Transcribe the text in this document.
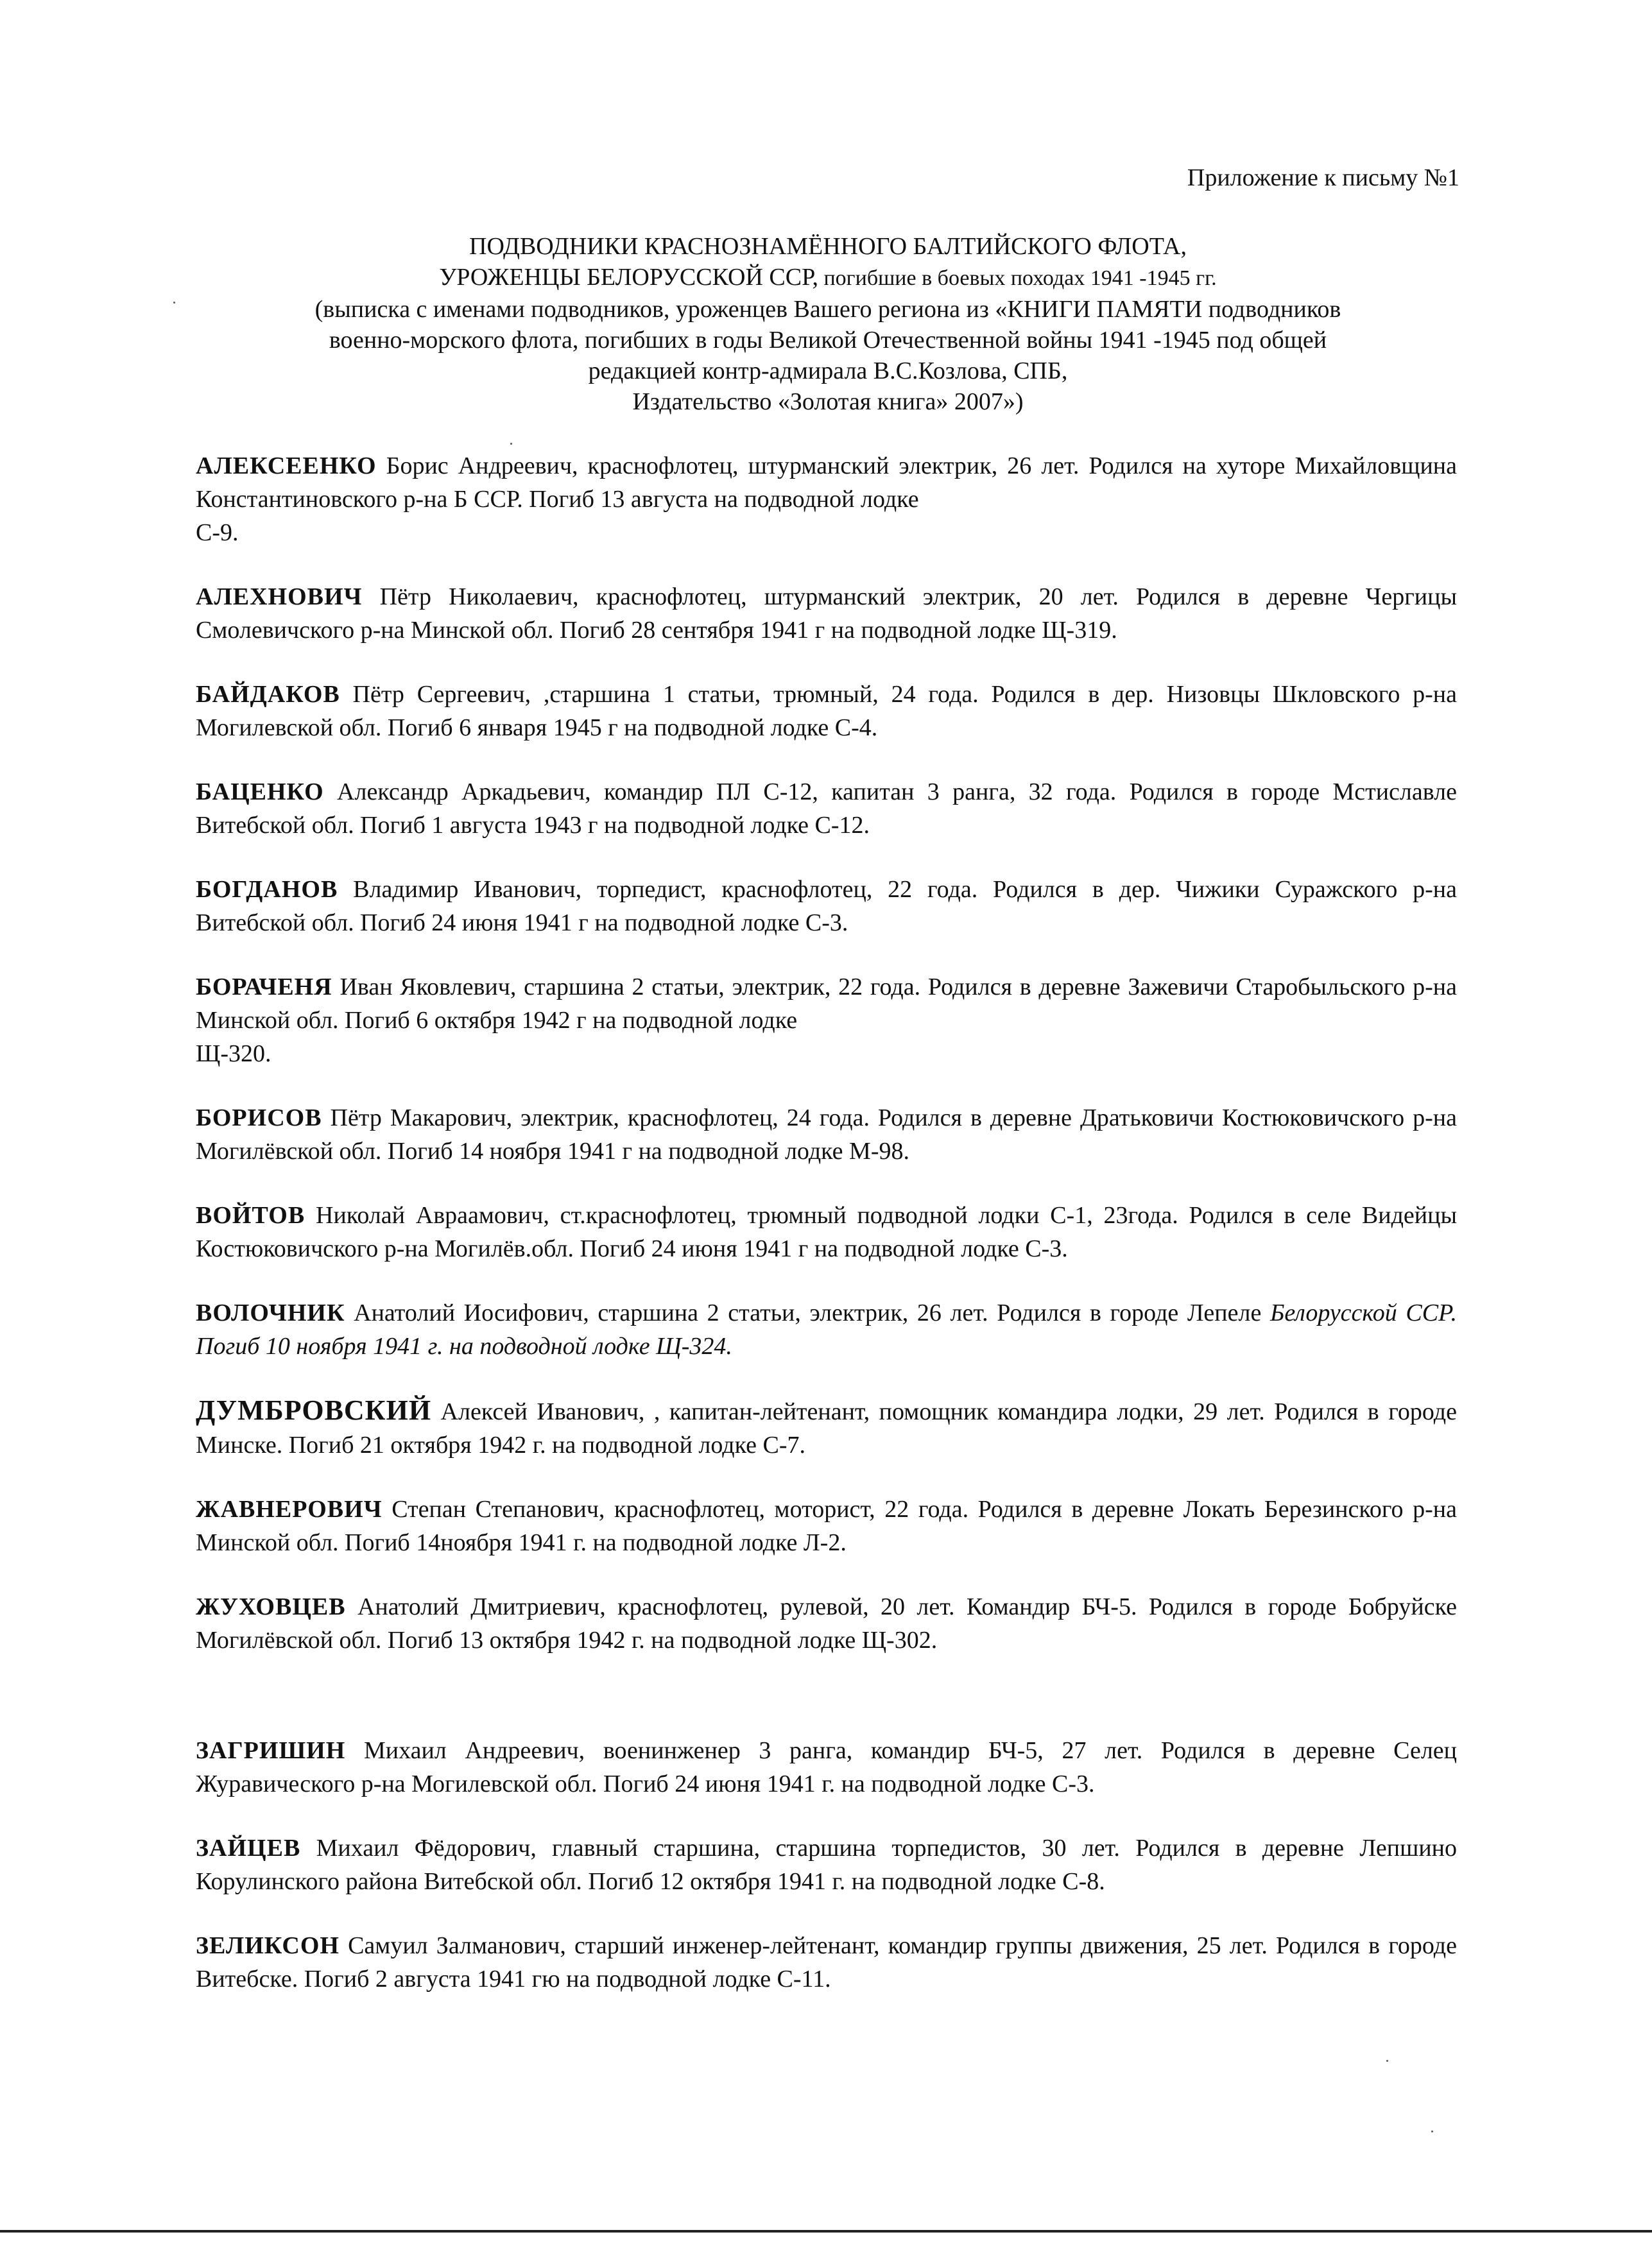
Приложение к письму №1
ПОДВОДНИКИ КРАСНОЗНАМЁННОГО БАЛТИЙСКОГО ФЛОТА,
УРОЖЕНЦЫ БЕЛОРУССКОЙ ССР, погибшие в боевых походах 1941 -1945 гг.
(выписка с именами подводников, уроженцев Вашего региона из «КНИГИ ПАМЯТИ подводников
военно-морского флота, погибших в годы Великой Отечественной войны 1941 -1945 под общей
редакцией контр-адмирала В.С.Козлова, СПБ,
Издательство «Золотая книга» 2007»)
АЛЕКСЕЕНКО Борис Андреевич, краснофлотец, штурманский электрик, 26 лет. Родился на хуторе Михайловщина Константиновского р-на Б ССР. Погиб 13 августа на подводной лодке
С-9.
АЛЕХНОВИЧ Пётр Николаевич, краснофлотец, штурманский электрик, 20 лет. Родился в деревне Чергицы Смолевичского р-на Минской обл. Погиб 28 сентября 1941 г на подводной лодке Щ-319.
БАЙДАКОВ Пётр Сергеевич, ,старшина 1 статьи, трюмный, 24 года. Родился в дер. Низовцы Шкловского р-на Могилевской обл. Погиб 6 января 1945 г на подводной лодке С-4.
БАЦЕНКО Александр Аркадьевич, командир ПЛ С-12, капитан 3 ранга, 32 года. Родился в городе Мстиславле Витебской обл. Погиб 1 августа 1943 г на подводной лодке С-12.
БОГДАНОВ Владимир Иванович, торпедист, краснофлотец, 22 года. Родился в дер. Чижики Суражского р-на Витебской обл. Погиб 24 июня 1941 г на подводной лодке С-3.
БОРАЧЕНЯ Иван Яковлевич, старшина 2 статьи, электрик, 22 года. Родился в деревне Зажевичи Старобыльского р-на Минской обл. Погиб 6 октября 1942 г на подводной лодке
Щ-320.
БОРИСОВ Пётр Макарович, электрик, краснофлотец, 24 года. Родился в деревне Дратьковичи Костюковичского р-на Могилёвской обл. Погиб 14 ноября 1941 г на подводной лодке М-98.
ВОЙТОВ Николай Авраамович, ст.краснофлотец, трюмный подводной лодки С-1, 23года. Родился в селе Видейцы Костюковичского р-на Могилёв.обл. Погиб 24 июня 1941 г на подводной лодке С-3.
ВОЛОЧНИК Анатолий Иосифович, старшина 2 статьи, электрик, 26 лет. Родился в городе Лепеле Белорусской ССР. Погиб 10 ноября 1941 г. на подводной лодке Щ-324.
ДУМБРОВСКИЙ Алексей Иванович, , капитан-лейтенант, помощник командира лодки, 29 лет. Родился в городе Минске. Погиб 21 октября 1942 г. на подводной лодке С-7.
ЖАВНЕРОВИЧ Степан Степанович, краснофлотец, моторист, 22 года. Родился в деревне Локать Березинского р-на Минской обл. Погиб 14ноября 1941 г. на подводной лодке Л-2.
ЖУХОВЦЕВ Анатолий Дмитриевич, краснофлотец, рулевой, 20 лет. Командир БЧ-5. Родился в городе Бобруйске Могилёвской обл. Погиб 13 октября 1942 г. на подводной лодке Щ-302.
ЗАГРИШИН Михаил Андреевич, военинженер 3 ранга, командир БЧ-5, 27 лет. Родился в деревне Селец Журавического р-на Могилевской обл. Погиб 24 июня 1941 г. на подводной лодке С-3.
ЗАЙЦЕВ Михаил Фёдорович, главный старшина, старшина торпедистов, 30 лет. Родился в деревне Лепшино Корулинского района Витебской обл. Погиб 12 октября 1941 г. на подводной лодке С-8.
ЗЕЛИКСОН Самуил Залманович, старший инженер-лейтенант, командир группы движения, 25 лет. Родился в городе Витебске. Погиб 2 августа 1941 гю на подводной лодке С-11.
